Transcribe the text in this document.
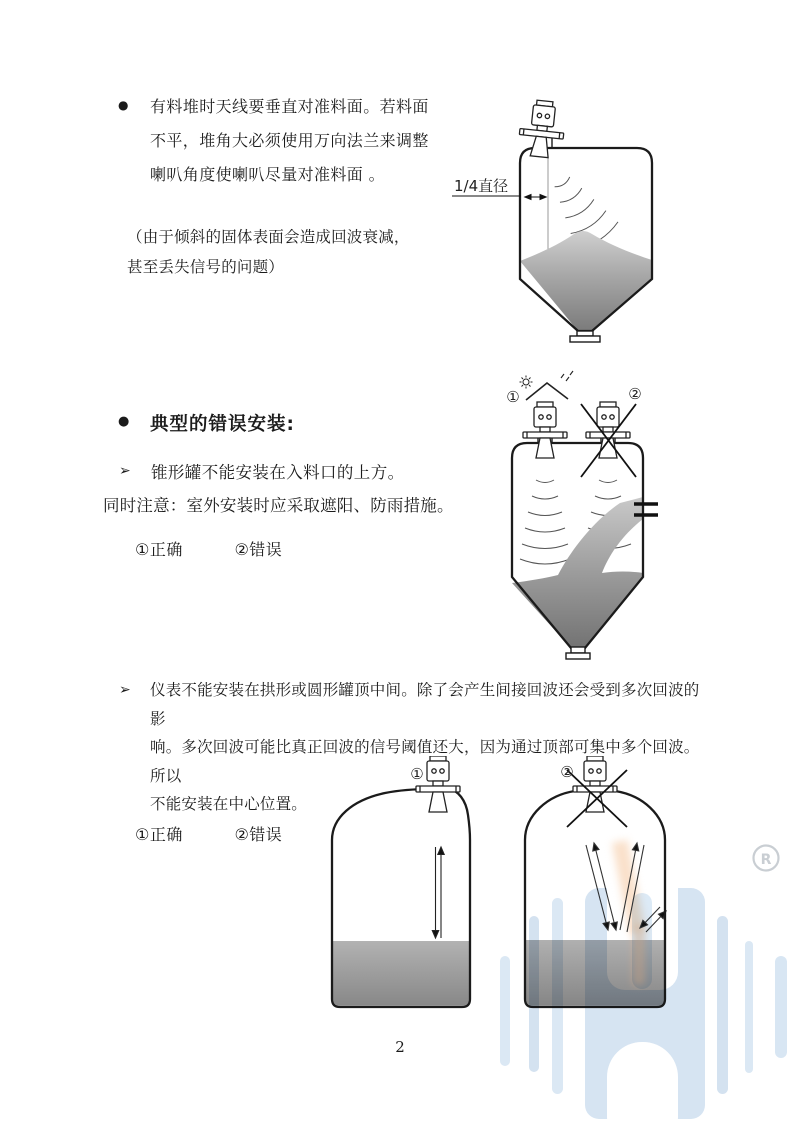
● 有料堆时天线要垂直对准料面。若料面
不平，堆角大必须使用万向法兰来调整
喇叭角度使喇叭尽量对准料面 。
（由于倾斜的固体表面会造成回波衰减，
甚至丢失信号的问题）
1/4直径
● 典型的错误安装:
➢ 锥形罐不能安装在入料口的上方。
同时注意：室外安装时应采取遮阳、防雨措施。
①正确	②错误
①	②
➢ 仪表不能安装在拱形或圆形罐顶中间。除了会产生间接回波还会受到多次回波的影
响。多次回波可能比真正回波的信号阈值还大，因为通过顶部可集中多个回波。所以
不能安装在中心位置。
①正确	②错误
①	②
2
R
